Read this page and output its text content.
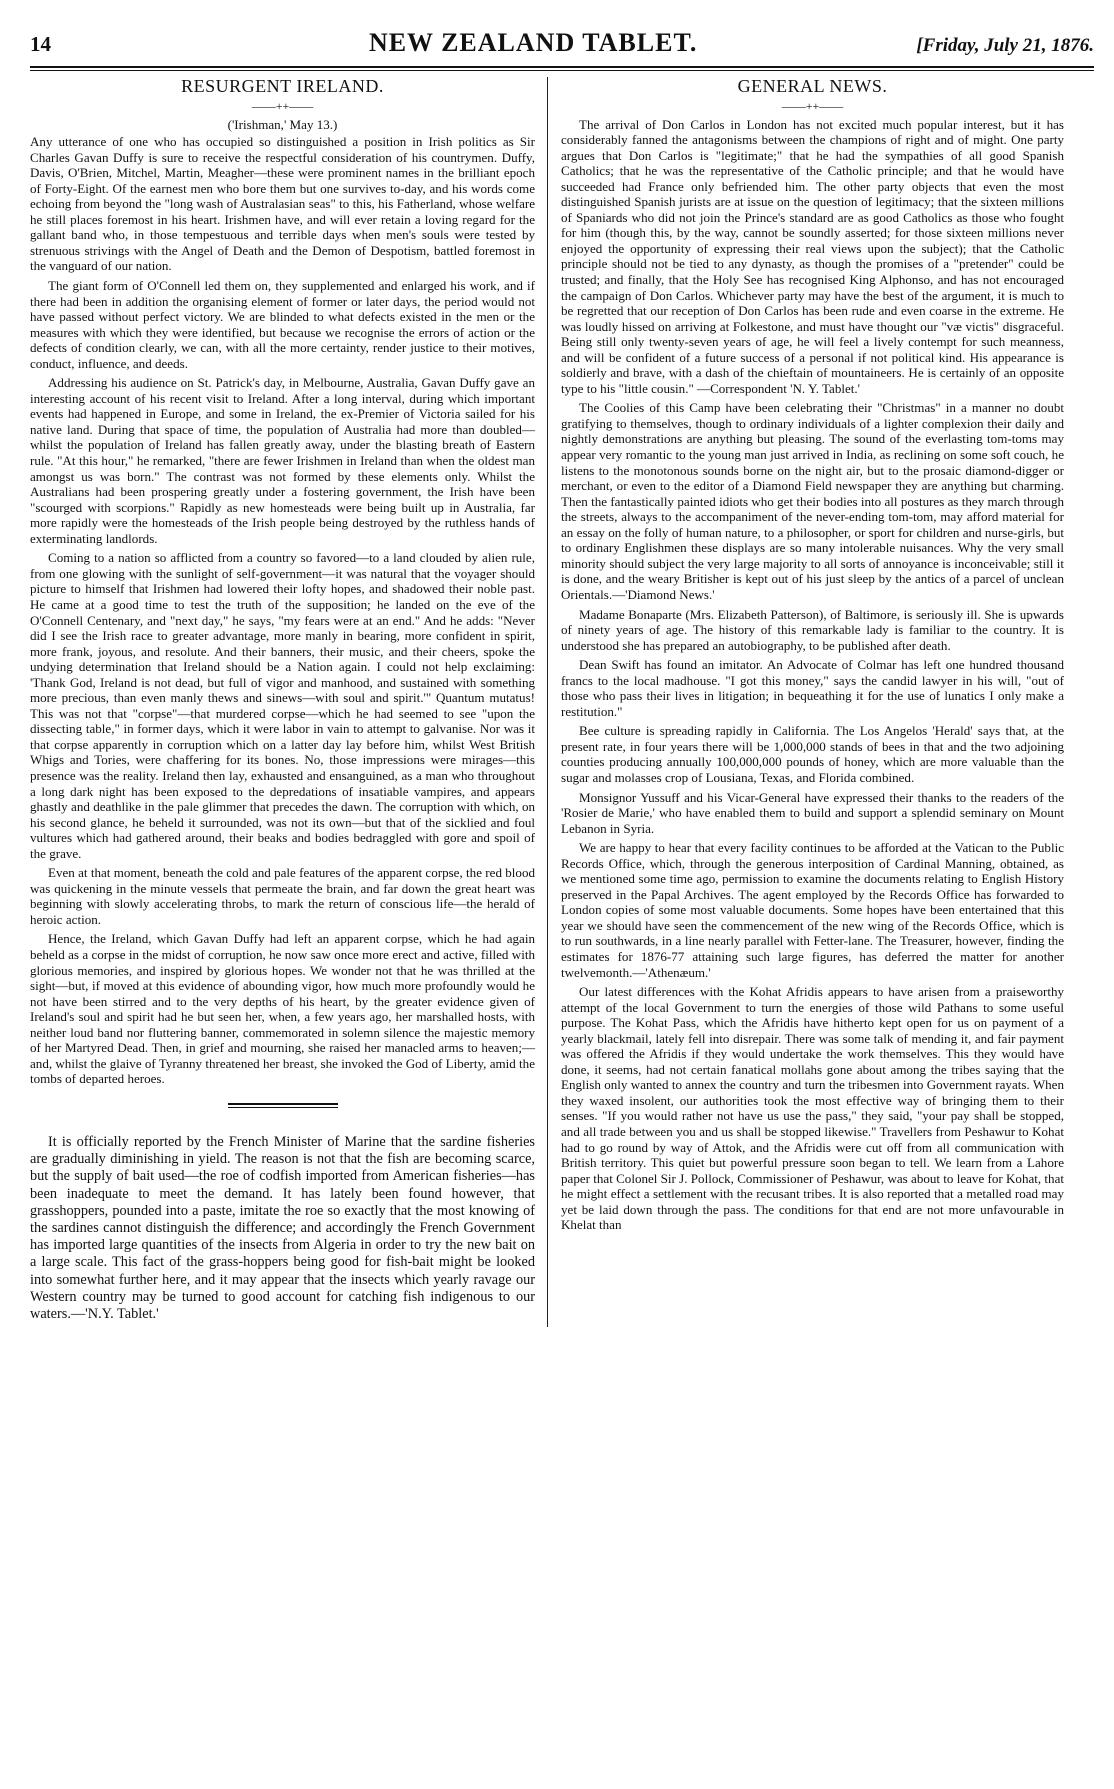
14	NEW ZEALAND TABLET.	[Friday, July 21, 1876.
RESURGENT IRELAND.
——++——
('Irishman,' May 13.)

Any utterance of one who has occupied so distinguished a position in Irish politics as Sir Charles Gavan Duffy is sure to receive the respectful consideration of his countrymen. Duffy, Davis, O'Brien, Mitchel, Martin, Meagher—these were prominent names in the brilliant epoch of Forty-Eight. Of the earnest men who bore them but one survives to-day, and his words come echoing from beyond the "long wash of Australasian seas" to this, his Fatherland, whose welfare he still places foremost in his heart. Irishmen have, and will ever retain a loving regard for the gallant band who, in those tempestuous and terrible days when men's souls were tested by strenuous strivings with the Angel of Death and the Demon of Despotism, battled foremost in the vanguard of our nation.

The giant form of O'Connell led them on, they supplemented and enlarged his work, and if there had been in addition the organising element of former or later days, the period would not have passed without perfect victory. We are blinded to what defects existed in the men or the measures with which they were identified, but because we recognise the errors of action or the defects of condition clearly, we can, with all the more certainty, render justice to their motives, conduct, influence, and deeds.

Addressing his audience on St. Patrick's day, in Melbourne, Australia, Gavan Duffy gave an interesting account of his recent visit to Ireland. After a long interval, during which important events had happened in Europe, and some in Ireland, the ex-Premier of Victoria sailed for his native land. During that space of time, the population of Australia had more than doubled—whilst the population of Ireland has fallen greatly away, under the blasting breath of Eastern rule. "At this hour," he remarked, "there are fewer Irishmen in Ireland than when the oldest man amongst us was born." The contrast was not formed by these elements only. Whilst the Australians had been prospering greatly under a fostering government, the Irish have been "scourged with scorpions." Rapidly as new homesteads were being built up in Australia, far more rapidly were the homesteads of the Irish people being destroyed by the ruthless hands of exterminating landlords.

Coming to a nation so afflicted from a country so favored—to a land clouded by alien rule, from one glowing with the sunlight of self-government—it was natural that the voyager should picture to himself that Irishmen had lowered their lofty hopes, and shadowed their noble past. He came at a good time to test the truth of the supposition; he landed on the eve of the O'Connell Centenary, and "next day," he says, "my fears were at an end." And he adds: "Never did I see the Irish race to greater advantage, more manly in bearing, more confident in spirit, more frank, joyous, and resolute. And their banners, their music, and their cheers, spoke the undying determination that Ireland should be a Nation again. I could not help exclaiming: 'Thank God, Ireland is not dead, but full of vigor and manhood, and sustained with something more precious, than even manly thews and sinews—with soul and spirit.'" Quantum mutatus! This was not that "corpse"—that murdered corpse—which he had seemed to see "upon the dissecting table," in former days, which it were labor in vain to attempt to galvanise. Nor was it that corpse apparently in corruption which on a latter day lay before him, whilst West British Whigs and Tories, were chaffering for its bones. No, those impressions were mirages—this presence was the reality. Ireland then lay, exhausted and ensanguined, as a man who throughout a long dark night has been exposed to the depredations of insatiable vampires, and appears ghastly and deathlike in the pale glimmer that precedes the dawn. The corruption with which, on his second glance, he beheld it surrounded, was not its own—but that of the sicklied and foul vultures which had gathered around, their beaks and bodies bedraggled with gore and spoil of the grave.

Even at that moment, beneath the cold and pale features of the apparent corpse, the red blood was quickening in the minute vessels that permeate the brain, and far down the great heart was beginning with slowly accelerating throbs, to mark the return of conscious life—the herald of heroic action.

Hence, the Ireland, which Gavan Duffy had left an apparent corpse, which he had again beheld as a corpse in the midst of corruption, he now saw once more erect and active, filled with glorious memories, and inspired by glorious hopes. We wonder not that he was thrilled at the sight—but, if moved at this evidence of abounding vigor, how much more profoundly would he not have been stirred and to the very depths of his heart, by the greater evidence given of Ireland's soul and spirit had he but seen her, when, a few years ago, her marshalled hosts, with neither loud band nor fluttering banner, commemorated in solemn silence the majestic memory of her Martyred Dead. Then, in grief and mourning, she raised her manacled arms to heaven;—and, whilst the glaive of Tyranny threatened her breast, she invoked the God of Liberty, amid the tombs of departed heroes.

It is officially reported by the French Minister of Marine that the sardine fisheries are gradually diminishing in yield. The reason is not that the fish are becoming scarce, but the supply of bait used—the roe of codfish imported from American fisheries—has been inadequate to meet the demand. It has lately been found however, that grasshoppers, pounded into a paste, imitate the roe so exactly that the most knowing of the sardines cannot distinguish the difference; and accordingly the French Government has imported large quantities of the insects from Algeria in order to try the new bait on a large scale. This fact of the grass-hoppers being good for fish-bait might be looked into somewhat further here, and it may appear that the insects which yearly ravage our Western country may be turned to good account for catching fish indigenous to our waters.—'N.Y. Tablet.'

GENERAL NEWS.
——++——

The arrival of Don Carlos in London has not excited much popular interest, but it has considerably fanned the antagonisms between the champions of right and of might. One party argues that Don Carlos is "legitimate;" that he had the sympathies of all good Spanish Catholics; that he was the representative of the Catholic principle; and that he would have succeeded had France only befriended him. The other party objects that even the most distinguished Spanish jurists are at issue on the question of legitimacy; that the sixteen millions of Spaniards who did not join the Prince's standard are as good Catholics as those who fought for him (though this, by the way, cannot be soundly asserted; for those sixteen millions never enjoyed the opportunity of expressing their real views upon the subject); that the Catholic principle should not be tied to any dynasty, as though the promises of a "pretender" could be trusted; and finally, that the Holy See has recognised King Alphonso, and has not encouraged the campaign of Don Carlos. Whichever party may have the best of the argument, it is much to be regretted that our reception of Don Carlos has been rude and even coarse in the extreme. He was loudly hissed on arriving at Folkestone, and must have thought our "væ victis" disgraceful. Being still only twenty-seven years of age, he will feel a lively contempt for such meanness, and will be confident of a future success of a personal if not political kind. His appearance is soldierly and brave, with a dash of the chieftain of mountaineers. He is certainly of an opposite type to his "little cousin." —Correspondent 'N. Y. Tablet.'

The Coolies of this Camp have been celebrating their "Christmas" in a manner no doubt gratifying to themselves, though to ordinary individuals of a lighter complexion their daily and nightly demonstrations are anything but pleasing. The sound of the everlasting tom-toms may appear very romantic to the young man just arrived in India, as reclining on some soft couch, he listens to the monotonous sounds borne on the night air, but to the prosaic diamond-digger or merchant, or even to the editor of a Diamond Field newspaper they are anything but charming. Then the fantastically painted idiots who get their bodies into all postures as they march through the streets, always to the accompaniment of the never-ending tom-tom, may afford material for an essay on the folly of human nature, to a philosopher, or sport for children and nurse-girls, but to ordinary Englishmen these displays are so many intolerable nuisances. Why the very small minority should subject the very large majority to all sorts of annoyance is inconceivable; still it is done, and the weary Britisher is kept out of his just sleep by the antics of a parcel of unclean Orientals.—'Diamond News.'

Madame Bonaparte (Mrs. Elizabeth Patterson), of Baltimore, is seriously ill. She is upwards of ninety years of age. The history of this remarkable lady is familiar to the country. It is understood she has prepared an autobiography, to be published after death.

Dean Swift has found an imitator. An Advocate of Colmar has left one hundred thousand francs to the local madhouse. "I got this money," says the candid lawyer in his will, "out of those who pass their lives in litigation; in bequeathing it for the use of lunatics I only make a restitution."

Bee culture is spreading rapidly in California. The Los Angelos 'Herald' says that, at the present rate, in four years there will be 1,000,000 stands of bees in that and the two adjoining counties producing annually 100,000,000 pounds of honey, which are more valuable than the sugar and molasses crop of Lousiana, Texas, and Florida combined.

Monsignor Yussuff and his Vicar-General have expressed their thanks to the readers of the 'Rosier de Marie,' who have enabled them to build and support a splendid seminary on Mount Lebanon in Syria.

We are happy to hear that every facility continues to be afforded at the Vatican to the Public Records Office, which, through the generous interposition of Cardinal Manning, obtained, as we mentioned some time ago, permission to examine the documents relating to English History preserved in the Papal Archives. The agent employed by the Records Office has forwarded to London copies of some most valuable documents. Some hopes have been entertained that this year we should have seen the commencement of the new wing of the Records Office, which is to run southwards, in a line nearly parallel with Fetter-lane. The Treasurer, however, finding the estimates for 1876-77 attaining such large figures, has deferred the matter for another twelvemonth.—'Athenæum.'

Our latest differences with the Kohat Afridis appears to have arisen from a praiseworthy attempt of the local Government to turn the energies of those wild Pathans to some useful purpose. The Kohat Pass, which the Afridis have hitherto kept open for us on payment of a yearly blackmail, lately fell into disrepair. There was some talk of mending it, and fair payment was offered the Afridis if they would undertake the work themselves. This they would have done, it seems, had not certain fanatical mollahs gone about among the tribes saying that the English only wanted to annex the country and turn the tribesmen into Government rayats. When they waxed insolent, our authorities took the most effective way of bringing them to their senses. "If you would rather not have us use the pass," they said, "your pay shall be stopped, and all trade between you and us shall be stopped likewise." Travellers from Peshawur to Kohat had to go round by way of Attok, and the Afridis were cut off from all communication with British territory. This quiet but powerful pressure soon began to tell. We learn from a Lahore paper that Colonel Sir J. Pollock, Commissioner of Peshawur, was about to leave for Kohat, that he might effect a settlement with the recusant tribes. It is also reported that a metalled road may yet be laid down through the pass. The conditions for that end are not more unfavourable in Khelat than
